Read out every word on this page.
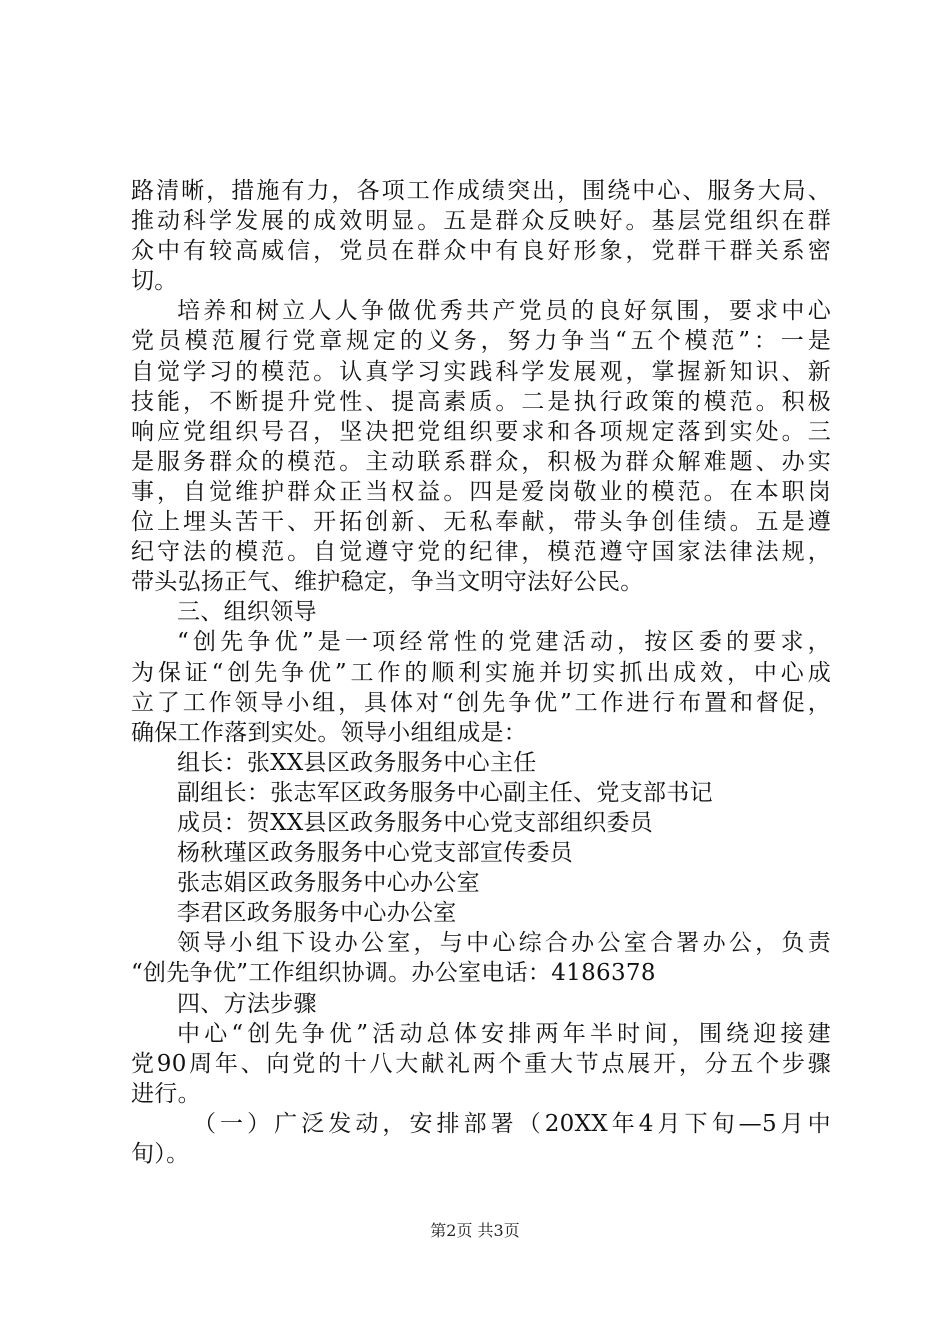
路清晰，措施有力，各项工作成绩突出，围绕中心、服务大局、
推动科学发展的成效明显。五是群众反映好。基层党组织在群
众中有较高威信，党员在群众中有良好形象，党群干群关系密
切。
培养和树立人人争做优秀共产党员的良好氛围，要求中心
党员模范履行党章规定的义务，努力争当“五个模范”：一是
自觉学习的模范。认真学习实践科学发展观，掌握新知识、新
技能，不断提升党性、提高素质。二是执行政策的模范。积极
响应党组织号召，坚决把党组织要求和各项规定落到实处。三
是服务群众的模范。主动联系群众，积极为群众解难题、办实
事，自觉维护群众正当权益。四是爱岗敬业的模范。在本职岗
位上埋头苦干、开拓创新、无私奉献，带头争创佳绩。五是遵
纪守法的模范。自觉遵守党的纪律，模范遵守国家法律法规，
带头弘扬正气、维护稳定，争当文明守法好公民。
三、组织领导
“创先争优”是一项经常性的党建活动，按区委的要求，
为保证“创先争优”工作的顺利实施并切实抓出成效，中心成
立了工作领导小组，具体对“创先争优”工作进行布置和督促，
确保工作落到实处。领导小组组成是：
组长：张XX县区政务服务中心主任
副组长：张志军区政务服务中心副主任、党支部书记
成员：贺XX县区政务服务中心党支部组织委员
杨秋瑾区政务服务中心党支部宣传委员
张志娟区政务服务中心办公室
李君区政务服务中心办公室
领导小组下设办公室，与中心综合办公室合署办公，负责
“创先争优”工作组织协调。办公室电话：4186378
四、方法步骤
中心“创先争优”活动总体安排两年半时间，围绕迎接建
党90周年、向党的十八大献礼两个重大节点展开，分五个步骤
进行。
（一）广泛发动，安排部署（20XX年4月下旬—5月中
旬）。
第2页 共3页
